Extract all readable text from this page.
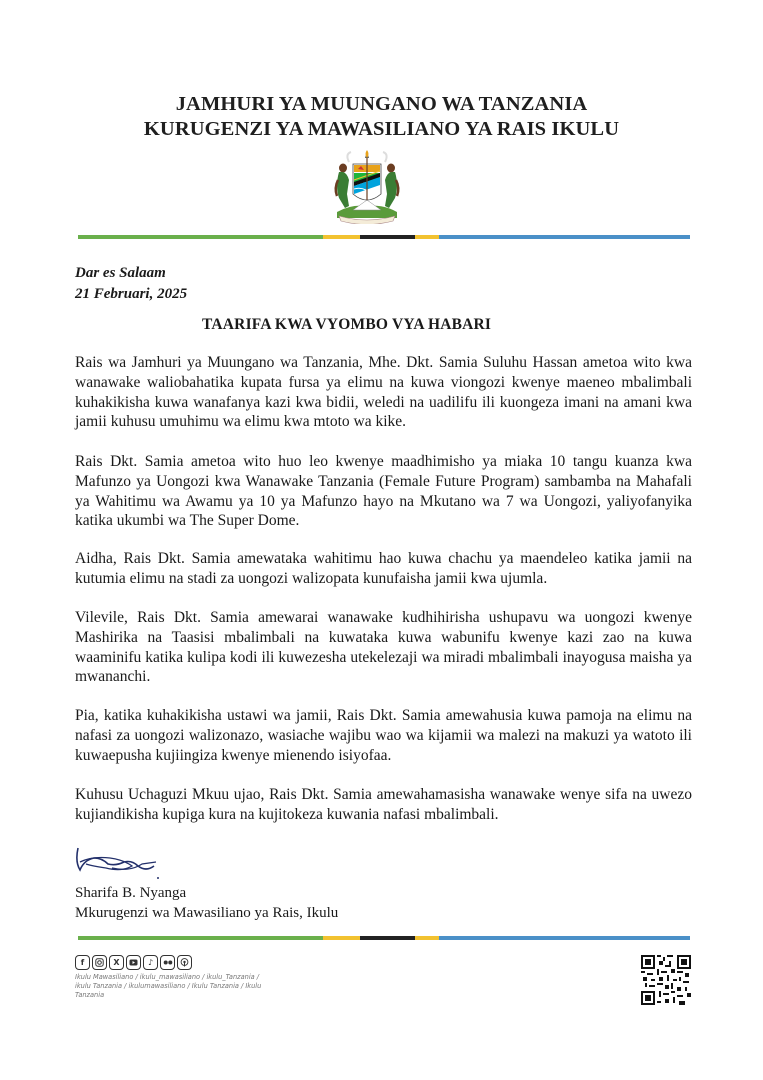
JAMHURI YA MUUNGANO WA TANZANIA
KURUGENZI YA MAWASILIANO YA RAIS IKULU
Dar es Salaam
21 Februari, 2025
TAARIFA KWA VYOMBO VYA HABARI

Rais wa Jamhuri ya Muungano wa Tanzania, Mhe. Dkt. Samia Suluhu Hassan ametoa wito kwa wanawake waliobahatika kupata fursa ya elimu na kuwa viongozi kwenye maeneo mbalimbali kuhakikisha kuwa wanafanya kazi kwa bidii, weledi na uadilifu ili kuongeza imani na amani kwa jamii kuhusu umuhimu wa elimu kwa mtoto wa kike.

Rais Dkt. Samia ametoa wito huo leo kwenye maadhimisho ya miaka 10 tangu kuanza kwa Mafunzo ya Uongozi kwa Wanawake Tanzania (Female Future Program) sambamba na Mahafali ya Wahitimu wa Awamu ya 10 ya Mafunzo hayo na Mkutano wa 7 wa Uongozi, yaliyofanyika katika ukumbi wa The Super Dome.

Aidha, Rais Dkt. Samia amewataka wahitimu hao kuwa chachu ya maendeleo katika jamii na kutumia elimu na stadi za uongozi walizopata kunufaisha jamii kwa ujumla.

Vilevile, Rais Dkt. Samia amewarai wanawake kudhihirisha ushupavu wa uongozi kwenye Mashirika na Taasisi mbalimbali na kuwataka kuwa wabunifu kwenye kazi zao na kuwa waaminifu katika kulipa kodi ili kuwezesha utekelezaji wa miradi mbalimbali inayogusa maisha ya mwananchi.

Pia, katika kuhakikisha ustawi wa jamii, Rais Dkt. Samia amewahusia kuwa pamoja na elimu na nafasi za uongozi walizonazo, wasiache wajibu wao wa kijamii wa malezi na makuzi ya watoto ili kuwaepusha kujiingiza kwenye mienendo isiyofaa.

Kuhusu Uchaguzi Mkuu ujao, Rais Dkt. Samia amewahamasisha wanawake wenye sifa na uwezo kujiandikisha kupiga kura na kujitokeza kuwania nafasi mbalimbali.

Sharifa B. Nyanga
Mkurugenzi wa Mawasiliano ya Rais, Ikulu
f	X	♪
Ikulu Mawasiliano / ikulu_mawasiliano / ikulu_Tanzania / ikulu Tanzania / ikulumawasiliano / Ikulu Tanzania / Ikulu Tanzania
